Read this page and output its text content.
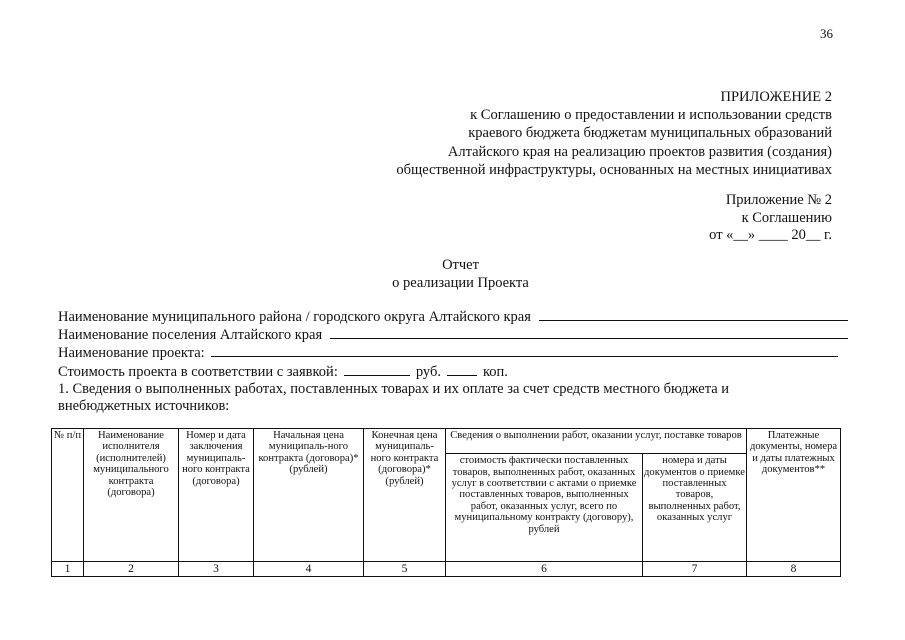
36
ПРИЛОЖЕНИЕ 2
к Соглашению о предоставлении и использовании средств
краевого бюджета бюджетам муниципальных образований
Алтайского края на реализацию проектов развития (создания)
общественной инфраструктуры, основанных на местных инициативах
Приложение № 2
к Соглашению
от «__» ____ 20__ г.
Отчет
о реализации Проекта
Наименование муниципального района / городского округа Алтайского края
Наименование поселения Алтайского края
Наименование проекта:
Стоимость проекта в соответствии с заявкой:	руб.	коп.
1. Сведения о выполненных работах, поставленных товарах и их оплате за счет средств местного бюджета и
внебюджетных источников:
№ п/п	Наименование исполнителя (исполнителей) муниципального контракта (договора)	Номер и дата заключения муниципаль-ного контракта (договора)	Начальная цена муниципаль-ного контракта (договора)* (рублей)	Конечная цена муниципаль-ного контракта (договора)* (рублей)	Сведения о выполнении работ, оказании услуг, поставке товаров		Платежные документы, номера и даты платежных документов**
					стоимость фактически поставленных товаров, выполненных работ, оказанных услуг в соответствии с актами о приемке поставленных товаров, выполненных работ, оказанных услуг, всего по муниципальному контракту (договору), рублей	номера и даты документов о приемке поставленных товаров, выполненных работ, оказанных услуг	
1	2	3	4	5	6	7	8
